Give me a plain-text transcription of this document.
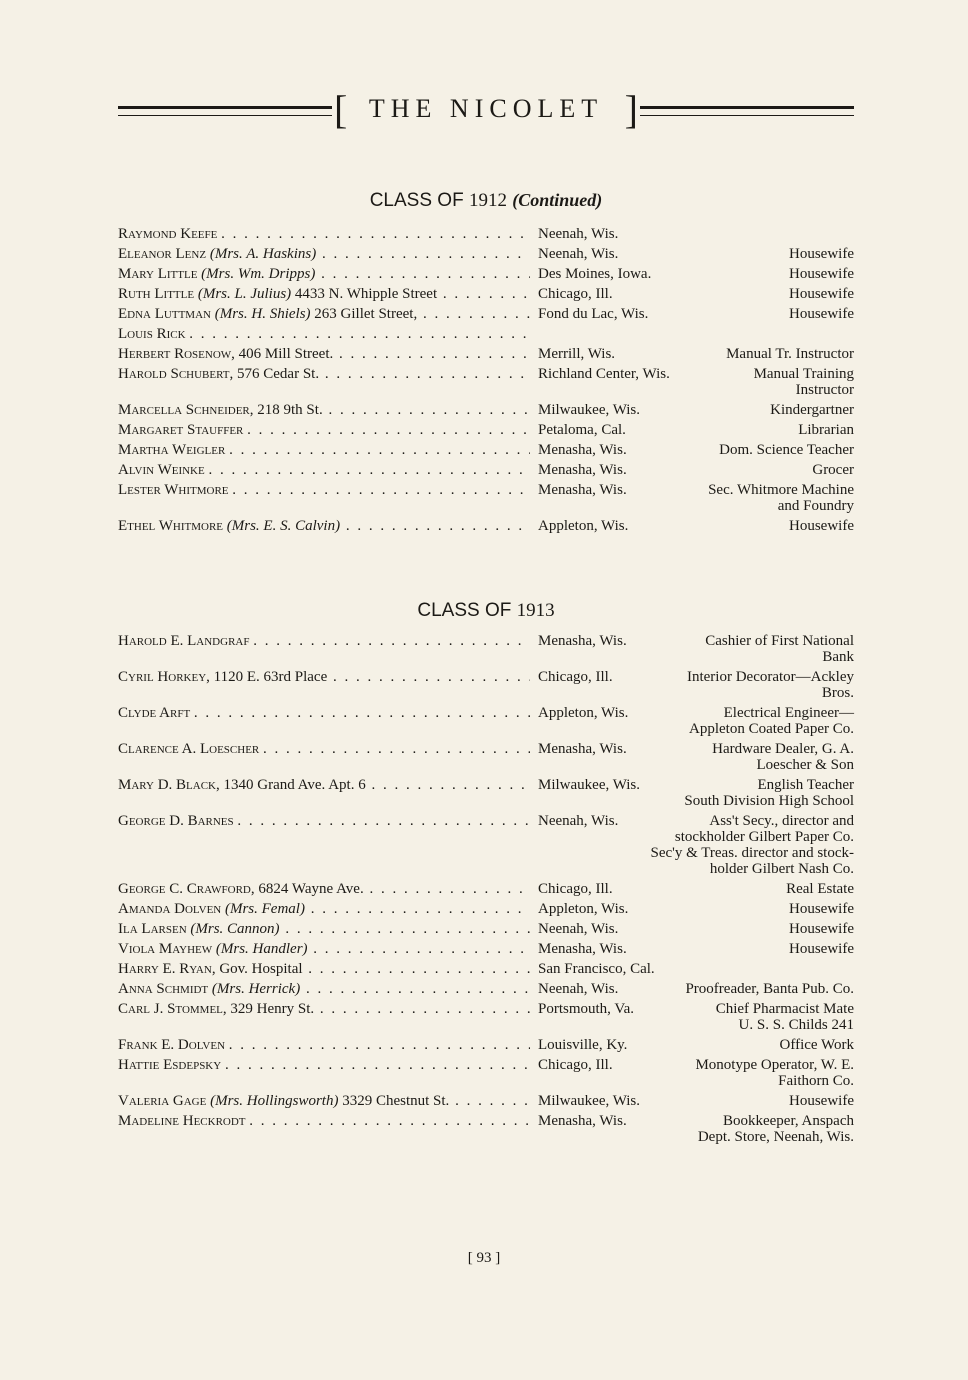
[ THE NICOLET ]
CLASS OF 1912 (Continued)
Raymond Keefe . . .	Neenah, Wis.
Eleanor Lenz (Mrs. A. Haskins) . . .	Neenah, Wis.	Housewife
Mary Little (Mrs. Wm. Dripps) . . .	Des Moines, Iowa.	Housewife
Ruth Little (Mrs. L. Julius) 4433 N. Whipple Street . . .	Chicago, Ill.	Housewife
Edna Luttman (Mrs. H. Shiels) 263 Gillet Street, . . .	Fond du Lac, Wis.	Housewife
Louis Rick . . .
Herbert Rosenow, 406 Mill Street. . . .	Merrill, Wis.	Manual Tr. Instructor
Harold Schubert, 576 Cedar St. . . .	Richland Center, Wis.	Manual Training
Instructor
Marcella Schneider, 218 9th St. . . .	Milwaukee, Wis.	Kindergartner
Margaret Stauffer . . .	Petaloma, Cal.	Librarian
Martha Weigler . . .	Menasha, Wis.	Dom. Science Teacher
Alvin Weinke . . .	Menasha, Wis.	Grocer
Lester Whitmore . . .	Menasha, Wis.	Sec. Whitmore Machine
and Foundry
Ethel Whitmore (Mrs. E. S. Calvin) . . .	Appleton, Wis.	Housewife
CLASS OF 1913
Harold E. Landgraf . . .	Menasha, Wis.	Cashier of First National
Bank
Cyril Horkey, 1120 E. 63rd Place . . .	Chicago, Ill.	Interior Decorator—Ackley
Bros.
Clyde Arft . . .	Appleton, Wis.	Electrical Engineer—
Appleton Coated Paper Co.
Clarence A. Loescher . . .	Menasha, Wis.	Hardware Dealer, G. A.
Loescher & Son
Mary D. Black, 1340 Grand Ave. Apt. 6 . . .	Milwaukee, Wis.	English Teacher
South Division High School
George D. Barnes . . .	Neenah, Wis.	Ass't Secy., director and
stockholder Gilbert Paper Co.
Sec'y & Treas. director and stock-
holder Gilbert Nash Co.
George C. Crawford, 6824 Wayne Ave. . . .	Chicago, Ill.	Real Estate
Amanda Dolven (Mrs. Femal) . . .	Appleton, Wis.	Housewife
Ila Larsen (Mrs. Cannon) . . .	Neenah, Wis.	Housewife
Viola Mayhew (Mrs. Handler) . . .	Menasha, Wis.	Housewife
Harry E. Ryan, Gov. Hospital . . .	San Francisco, Cal.
Anna Schmidt (Mrs. Herrick) . . .	Neenah, Wis.	Proofreader, Banta Pub. Co.
Carl J. Stommel, 329 Henry St. . . .	Portsmouth, Va.	Chief Pharmacist Mate
U. S. S. Childs 241
Frank E. Dolven . . .	Louisville, Ky.	Office Work
Hattie Esdepsky . . .	Chicago, Ill.	Monotype Operator, W. E.
Faithorn Co.
Valeria Gage (Mrs. Hollingsworth) 3329 Chestnut St. . . .	Milwaukee, Wis.	Housewife
Madeline Heckrodt . . .	Menasha, Wis.	Bookkeeper, Anspach
Dept. Store, Neenah, Wis.
[ 93 ]
